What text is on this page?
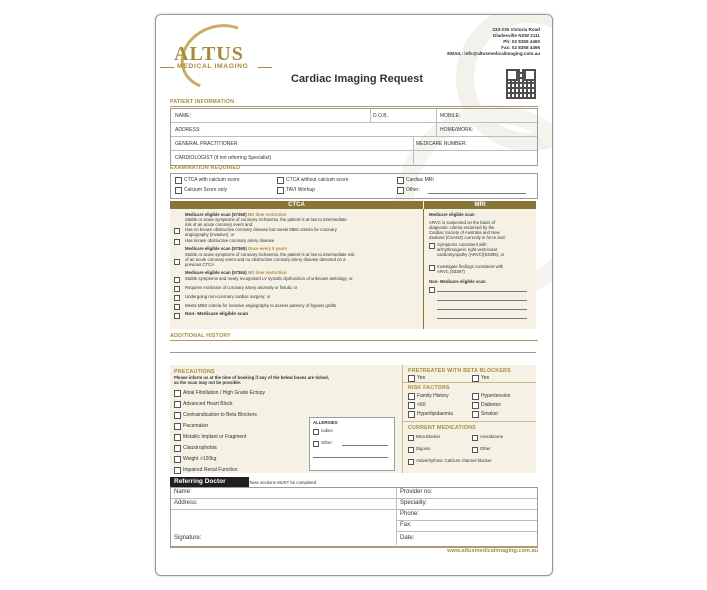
ALTUS
MEDICAL IMAGING
233-235 Victoria Road
Gladesville NSW 2111
Ph: 02 8358 4460
Fax: 02 8358 4466
EMAIL: info@altusmedicalimaging.com.au
Cardiac Imaging Request
PATIENT INFORMATION
NAME:	D.O.B.	MOBILE:
ADDRESS:	HOME/WORK:
GENERAL PRACTITIONER:	MEDICARE NUMBER:
CARDIOLOGIST (if not referring Specialist)
EXAMINATION REQUIRED
CTCA with calcium score	CTCA without calcium score	Cardiac MRI
Calcium Score only	TAVI Workup	Other:
CTCA	MRI
Medicare eligible scan (57360) NO time restriction
Stable or acute symptoms of coronary ischaemia, the patient is at low to intermediate
risk of an acute coronary event and:
Has no known obstructive coronary disease but meets MBS criteria for coronary
angiography (invasive); or
Has known obstructive coronary artery disease
Medicare eligible scan (57360) Once every 5 years
Stable or acute symptoms of coronary ischaemia, the patient is at low to intermediate risk
of an acute coronary event and no obstructive coronary artery disease detected on a
previous CTCA
Medicare eligible scan (57364) NO time restriction
Stable symptoms and newly recognised LV systolic dysfunction of unknown aetiology; or
Requires exclusion of coronary artery anomaly or fistula; or
Undergoing non-coronary cardiac surgery; or
Meets MBS criteria for invasive angiography to assess patency of bypass grafts
Non- Medicare eligible scan
Medicare eligible scan
ARVC is suspected on the basis of
diagnostic criteria endorsed by the
Cardiac Society of Australia and New
Zealand (CSANZ) currently in force and:
Symptoms consistent with
arrhythmogenic right ventricular
cardiomyopathy (ARVC)(63395); or
Investigate findings consistent with
ARVC (63397)
Non- Medicare eligible scan
ADDITIONAL HISTORY
PRECAUTIONS
Please inform us at the time of booking if any of the below boxes are ticked,
as the scan may not be possible.
Atrial Fibrillation / High Grade Ectopy
Advanced Heart Block
Contraindication to Beta Blockers
Pacemaker
Metallic Implant or Fragment
Claustrophobia
Weight >120kg
Impaired Renal Function
ALLERGIES
Iodine
Other:
PRETREATED WITH BETA BLOCKERS
Yes	Yes
RISK FACTORS
Family History	Hypertension
<60	Diabetes
Hyperlipidaemia	Smoker
CURRENT MEDICATIONS
Beta Blocker	Amiodarone
Digoxin	Other
Antiarrhythmic Calcium channel blocker
Referring Doctor	These sections MUST be completed
Name:
Address:
Signature:
Provider no:
Speciality:
Phone:
Fax:
Date:
www.altusmedicalimaging.com.au
